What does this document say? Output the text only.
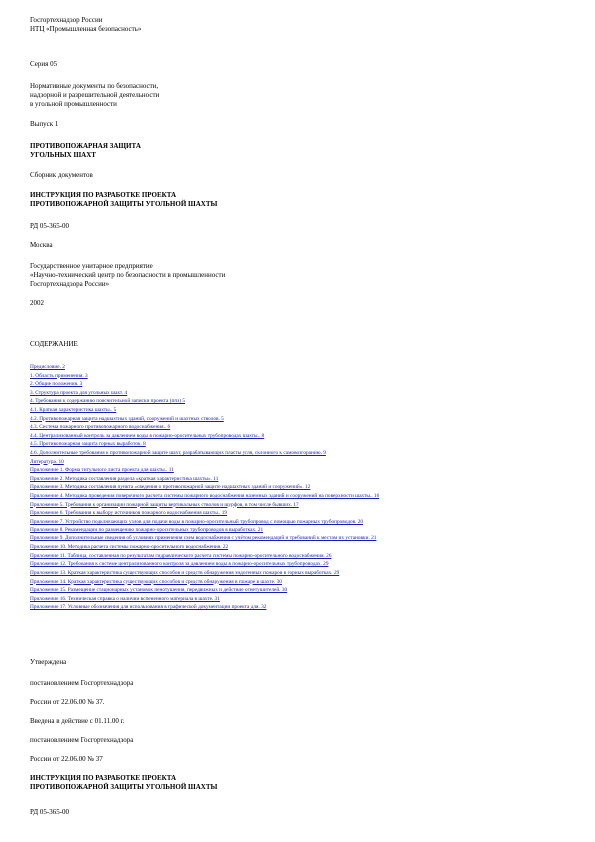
Госгортехнадзор России
НТЦ «Промышленная безопасность»

Серия 05

Нормативные документы по безопасности,
надзорной и разрешительной деятельности
в угольной промышленности

Выпуск 1

ПРОТИВОПОЖАРНАЯ ЗАЩИТА
УГОЛЬНЫХ ШАХТ

Сборник документов

ИНСТРУКЦИЯ ПО РАЗРАБОТКЕ ПРОЕКТА
ПРОТИВОПОЖАРНОЙ ЗАЩИТЫ УГОЛЬНОЙ ШАХТЫ

РД 05-365-00

Москва

Государственное унитарное предприятие
«Научно-технический центр по безопасности в промышленности
Госгортехнадзора России»

2002

СОДЕРЖАНИЕ

Предисловие. 2
1. Область применения. 3
2. Общие положения. 3
3. Структура проекта для угольных шахт. 4
4. Требования к содержанию пояснительной записки проекта (ппз) 5
4.1. Краткая характеристика шахты.. 5
4.2. Противопожарная защита надшахтных зданий, сооружений и шахтных стволов. 5
4.3. Система пожарного противопожарного водоснабжения.. 6
4.4. Централизованный контроль за давлением воды в пожарно-оросительных трубопроводах шахты.. 8
4.5. Противопожарная защита горных выработок. 8
4.6. Дополнительные требования к противопожарной защите шахт, разрабатывающих пласты угля, склонного к самовозгоранию. 9
Литература. 10
Приложение 1. Форма титульного листа проекта для шахты.. 11
Приложение 2. Методика составления раздела «краткая характеристика шахты». 11
Приложение 3. Методика составления пункта «сведения о противопожарной защите надшахтных зданий и сооружений». 12
Приложение 4. Методика проведения поверочного расчета системы пожарного водоснабжения наземных зданий и сооружений на поверхности шахты.. 16
Приложение 5. Требования к организации пожарной защиты вертикальных стволов и шурфов, в том числе бывших. 17
Приложение 6. Требования к выбору источников пожарного водоснабжения шахты.. 19
Приложение 7. Устройство подключающих узлов для подачи воды в пожарно-оросительный трубопровод с помощью пожарных трубопроводов. 20
Приложение 8. Рекомендации по размещению пожарно-оросительных трубопроводов в выработках. 21
Приложение 9. Дополнительные сведения об условиях применения схем водоснабжения с учётом рекомендаций и требований к местам их установки. 21
Приложение 10. Методика расчета системы пожарно-оросительного водоснабжения. 22
Приложение 11. Таблица, составленная по результатам гидравлического расчета системы пожарно-оросительного водоснабжения. 26
Приложение 12. Требования к системе централизованного контроля за давлением воды в пожарно-оросительных трубопроводах. 29
Приложение 13. Краткая характеристика существующих способов и средств обнаружения эндогенных пожаров в горных выработках. 29
Приложение 14. Краткая характеристика существующих способов и средств обнаружения в пожаре в шахте. 30
Приложение 15. Размещение стационарных установок пенотушения, передвижных и действие огнетушителей. 30
Приложение 16. Техническая справка о наличии вспененного материала в шахте. 31
Приложение 17. Условные обозначения для использования в графической документации проекта для. 32

Утверждена

постановлением Госгортехнадзора

России от 22.06.00 № 37.

Введена в действие с 01.11.00 г.

постановлением Госгортехнадзора

России от 22.06.00 № 37

ИНСТРУКЦИЯ ПО РАЗРАБОТКЕ ПРОЕКТА
ПРОТИВОПОЖАРНОЙ ЗАЩИТЫ УГОЛЬНОЙ ШАХТЫ

РД 05-365-00
